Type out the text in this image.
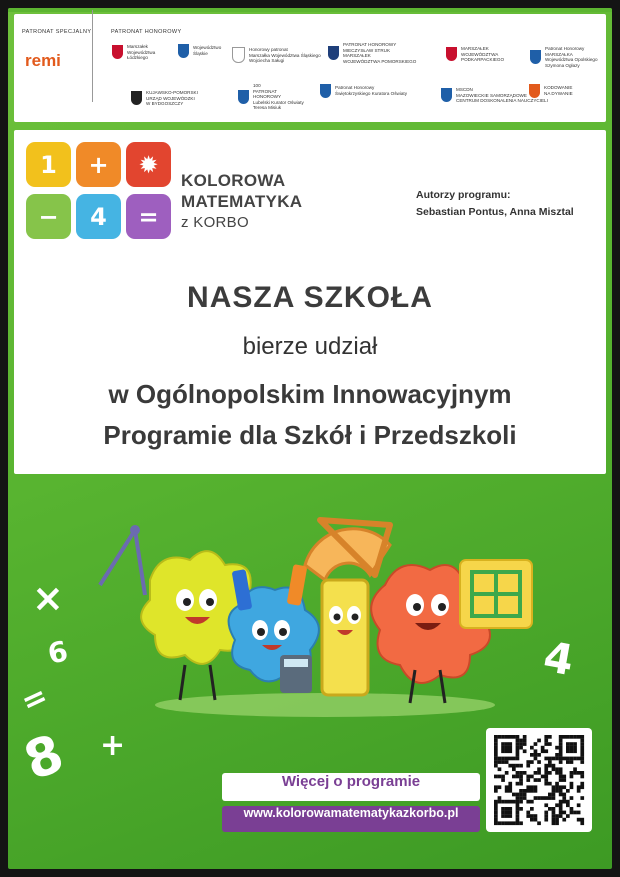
PATRONAT SPECJALNY	PATRONAT HONOROWY
remi
Marszałek
Województwa
Łódzkiego
Województwo
Śląskie
Honorowy patronat
Marszałka Województwa Śląskiego
Wojciecha Saługi
PATRONAT HONOROWY
MIECZYSŁAW STRUK
MARSZAŁEK
WOJEWÓDZTWA POMORSKIEGO
MARSZAŁEK
WOJEWÓDZTWA
PODKARPACKIEGO
Patronat Honorowy
MARSZAŁKA
Województwa Opolskiego
Szymona Ogłazy
KUJAWSKO-POMORSKI
URZĄD WOJEWÓDZKI
W BYDGOSZCZY
100
PATRONAT
HONOROWY
Lubelski Kurator Oświaty
Teresa Misiuk
Patronat Honorowy
Świętokrzyskiego Kuratora Oświaty
MSCDN
MAZOWIECKIE SAMORZĄDOWE
CENTRUM DOSKONALENIA NAUCZYCIELI
KODOWANIE
NA DYWANIE
1	+	✹
−	4	=
KOLOROWA
MATEMATYKA
z KORBO
Autorzy programu:
Sebastian Pontus, Anna Misztal
NASZA SZKOŁA
bierze udział
w Ogólnopolskim Innowacyjnym
Programie dla Szkół i Przedszkoli
×
6
=
8 +
4
Więcej o programie
www.kolorowamatematykazkorbo.pl
